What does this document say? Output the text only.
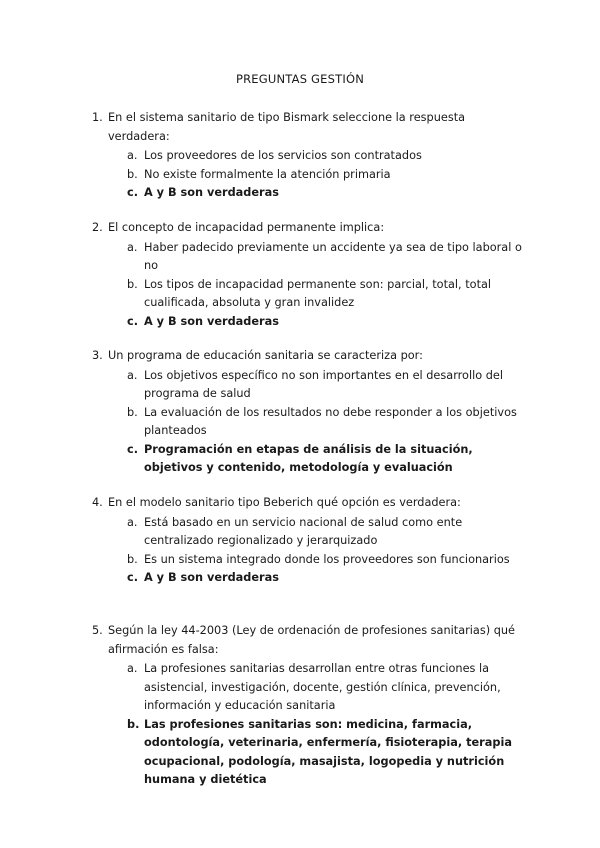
PREGUNTAS GESTIÓN
1. En el sistema sanitario de tipo Bismark seleccione la respuesta verdadera:
a. Los proveedores de los servicios son contratados
b. No existe formalmente la atención primaria
c. A y B son verdaderas
2. El concepto de incapacidad permanente implica:
a. Haber padecido previamente un accidente ya sea de tipo laboral o no
b. Los tipos de incapacidad permanente son: parcial, total, total cualificada, absoluta y gran invalidez
c. A y B son verdaderas
3. Un programa de educación sanitaria se caracteriza por:
a. Los objetivos específico no son importantes en el desarrollo del programa de salud
b. La evaluación de los resultados no debe responder a los objetivos planteados
c. Programación en etapas de análisis de la situación, objetivos y contenido, metodología y evaluación
4. En el modelo sanitario tipo Beberich qué opción es verdadera:
a. Está basado en un servicio nacional de salud como ente centralizado regionalizado y jerarquizado
b. Es un sistema integrado donde los proveedores son funcionarios
c. A y B son verdaderas
5. Según la ley 44-2003 (Ley de ordenación de profesiones sanitarias) qué afirmación es falsa:
a. La profesiones sanitarias desarrollan entre otras funciones la asistencial, investigación, docente, gestión clínica, prevención, información y educación sanitaria
b. Las profesiones sanitarias son: medicina, farmacia, odontología, veterinaria, enfermería, fisioterapia, terapia ocupacional, podología, masajista, logopedia y nutrición humana y dietética
